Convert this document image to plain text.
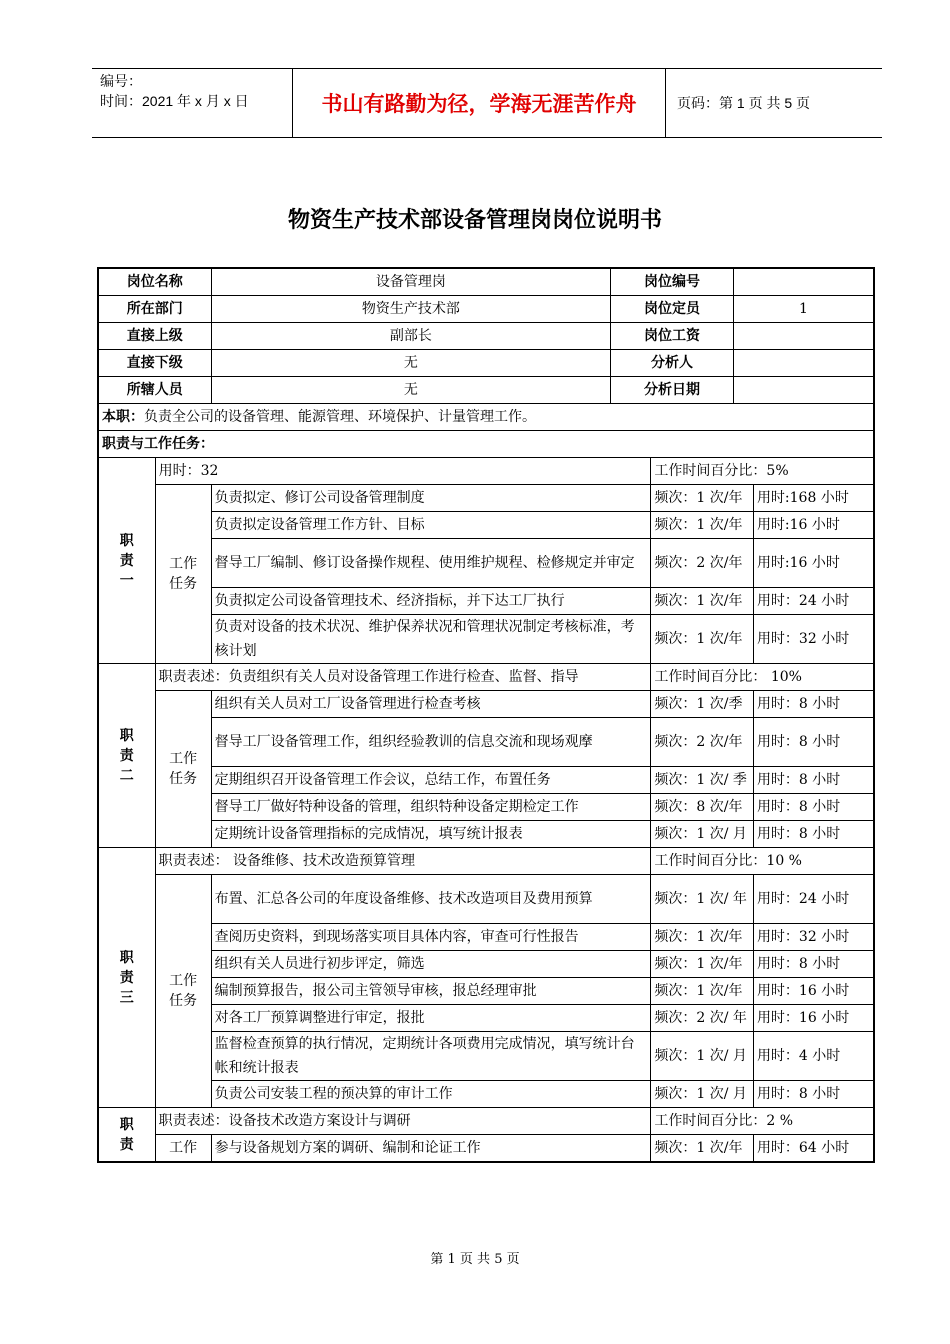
编号：
时间：2021 年 x 月 x 日	书山有路勤为径，学海无涯苦作舟	页码：第 1 页 共 5 页
物资生产技术部设备管理岗岗位说明书
岗位名称		设备管理岗	岗位编号			
所在部门		物资生产技术部	岗位定员		1	
直接上级		副部长	岗位工资			
直接下级		无	分析人			
所辖人员		无	分析日期			
本职：负责全公司的设备管理、能源管理、环境保护、计量管理工作。						
职责与工作任务：						
职
责
一	用时：32			工作时间百分比：5%		
	工作
任务	负责拟定、修订公司设备管理制度		频次：1 次/年		用时:168 小时
		负责拟定设备管理工作方针、目标		频次：1 次/年		用时:16 小时
		督导工厂编制、修订设备操作规程、使用维护规程、检修规定并审定		频次：2 次/年		用时:16 小时
		负责拟定公司设备管理技术、经济指标，并下达工厂执行		频次：1 次/年		用时：24 小时
		负责对设备的技术状况、维护保养状况和管理状况制定考核标准，考核计划		频次：1 次/年		用时：32 小时
职
责
二	职责表述：负责组织有关人员对设备管理工作进行检查、监督、指导			工作时间百分比： 10%		
	工作
任务	组织有关人员对工厂设备管理进行检查考核		频次：1 次/季		用时：8 小时
		督导工厂设备管理工作，组织经验教训的信息交流和现场观摩		频次：2 次/年		用时：8 小时
		定期组织召开设备管理工作会议，总结工作，布置任务		频次：1 次/ 季		用时：8 小时
		督导工厂做好特种设备的管理，组织特种设备定期检定工作		频次：8 次/年		用时：8 小时
		定期统计设备管理指标的完成情况，填写统计报表		频次：1 次/ 月		用时：8 小时
职
责
三	职责表述： 设备维修、技术改造预算管理			工作时间百分比：10 %		
	工作
任务	布置、汇总各公司的年度设备维修、技术改造项目及费用预算		频次：1 次/ 年		用时：24 小时
		查阅历史资料，到现场落实项目具体内容，审查可行性报告		频次：1 次/年		用时：32 小时
		组织有关人员进行初步评定，筛选		频次：1 次/年		用时：8 小时
		编制预算报告，报公司主管领导审核，报总经理审批		频次：1 次/年		用时：16 小时
		对各工厂预算调整进行审定，报批		频次：2 次/ 年		用时：16 小时
		监督检查预算的执行情况，定期统计各项费用完成情况，填写统计台帐和统计报表		频次：1 次/ 月		用时：4 小时
		负责公司安装工程的预决算的审计工作		频次：1 次/ 月		用时：8 小时
职
责	职责表述：设备技术改造方案设计与调研			工作时间百分比：2 %		
	工作	参与设备规划方案的调研、编制和论证工作		频次：1 次/年		用时：64 小时
第 1 页 共 5 页
